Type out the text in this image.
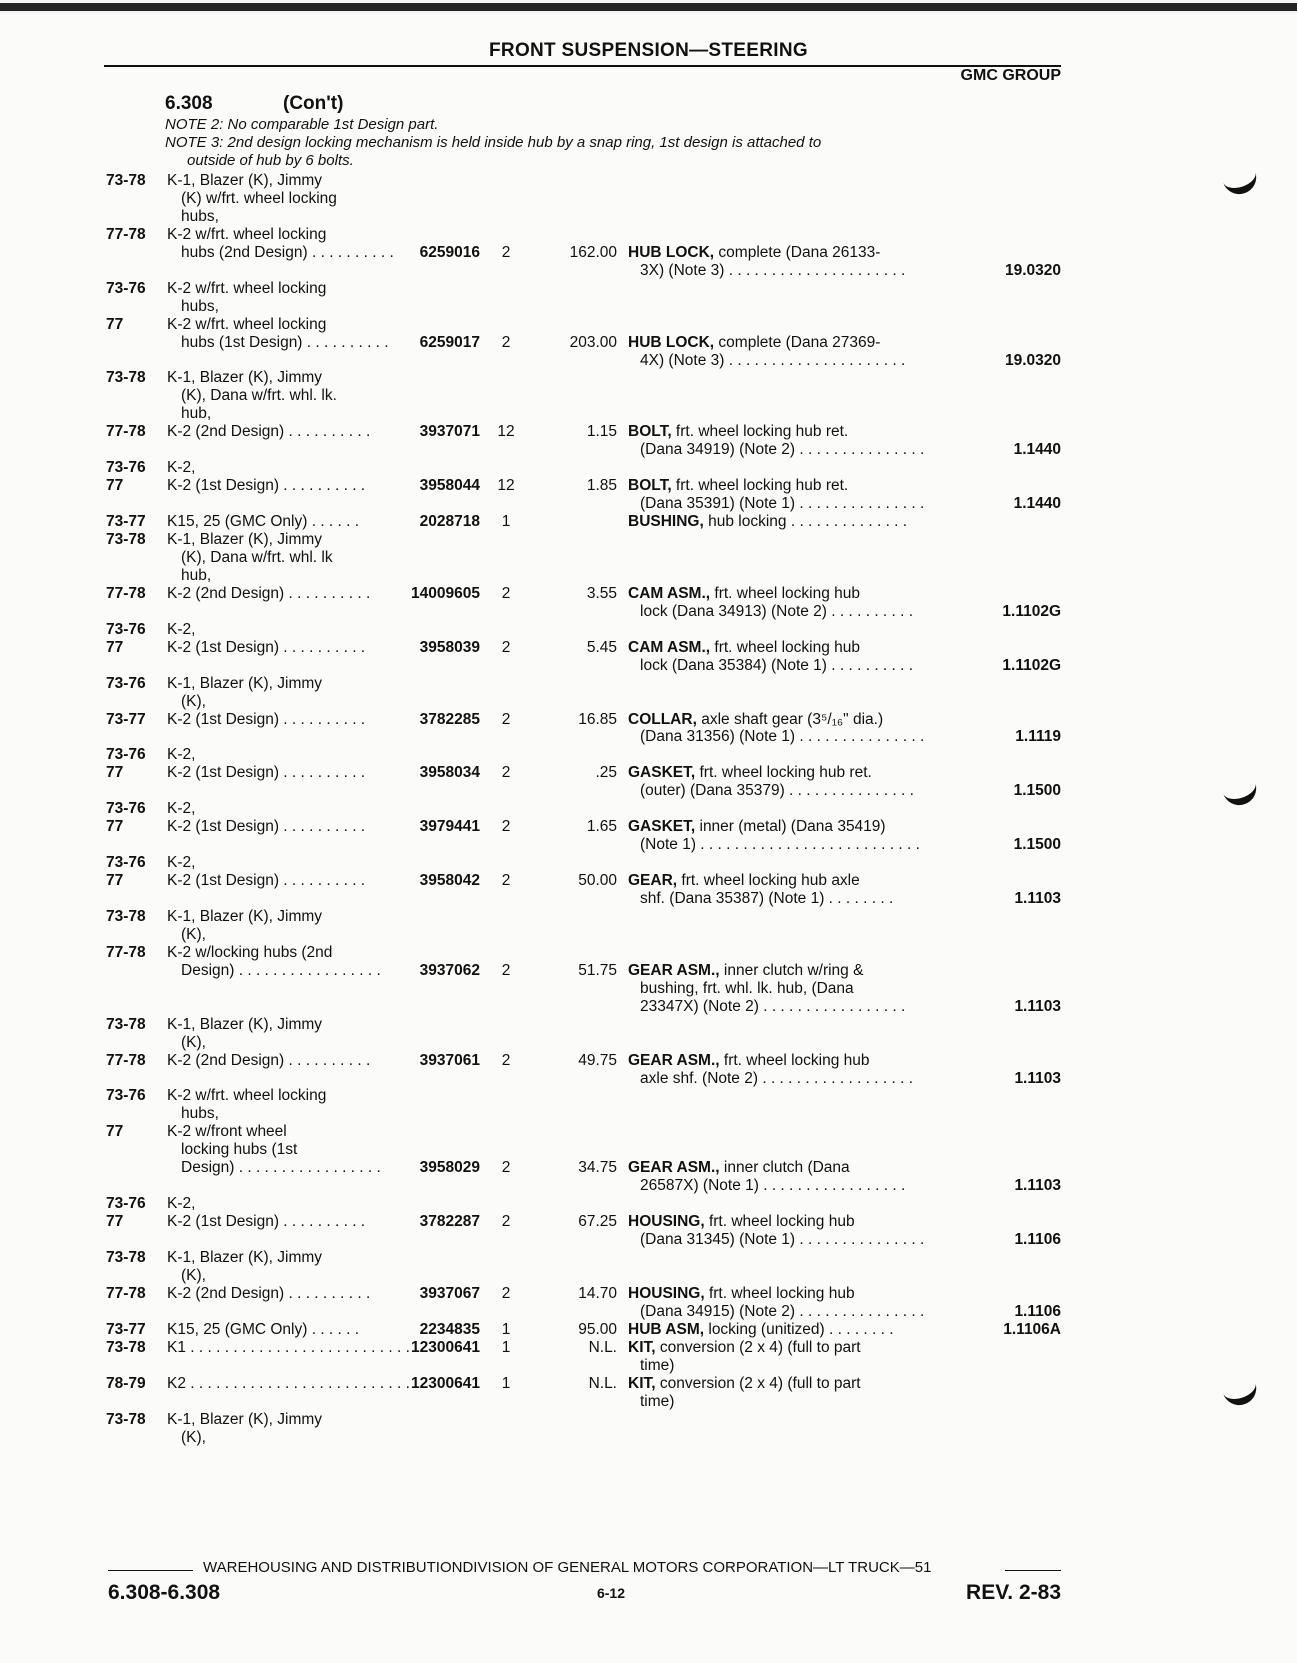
FRONT SUSPENSION—STEERING
GMC GROUP
6.308	(Con't)
NOTE 2: No comparable 1st Design part.
NOTE 3: 2nd design locking mechanism is held inside hub by a snap ring, 1st design is attached to
outside of hub by 6 bolts.
73-78 K-1, Blazer (K), Jimmy
(K) w/frt. wheel locking
hubs,
77-78 K-2 w/frt. wheel locking
hubs (2nd Design) . . . . . . . . . . 6259016	2	162.00 HUB LOCK, complete (Dana 26133-
3X) (Note 3) . . . . . . . . . . . . . . . . . . . . .	19.0320
73-76 K-2 w/frt. wheel locking
hubs,
77	K-2 w/frt. wheel locking
hubs (1st Design) . . . . . . . . . .	6259017	2	203.00 HUB LOCK, complete (Dana 27369-
4X) (Note 3) . . . . . . . . . . . . . . . . . . . . .	19.0320
73-78 K-1, Blazer (K), Jimmy
(K), Dana w/frt. whl. lk.
hub,
77-78 K-2 (2nd Design) . . . . . . . . . .	3937071 12	1.15 BOLT, frt. wheel locking hub ret.
(Dana 34919) (Note 2) . . . . . . . . . . . . . . .	1.1440
73-76 K-2,
77	K-2 (1st Design) . . . . . . . . . .	3958044 12	1.85 BOLT, frt. wheel locking hub ret.
(Dana 35391) (Note 1) . . . . . . . . . . . . . . .	1.1440
73-77 K15, 25 (GMC Only) . . . . . .	2028718	1	BUSHING, hub locking . . . . . . . . . . . . . .
73-78 K-1, Blazer (K), Jimmy
(K), Dana w/frt. whl. lk
hub,
77-78 K-2 (2nd Design) . . . . . . . . . .	14009605	2	3.55 CAM ASM., frt. wheel locking hub
lock (Dana 34913) (Note 2) . . . . . . . . . .	1.1102G
73-76 K-2,
77	K-2 (1st Design) . . . . . . . . . .	3958039	2	5.45 CAM ASM., frt. wheel locking hub
lock (Dana 35384) (Note 1) . . . . . . . . . .	1.1102G
73-76 K-1, Blazer (K), Jimmy
(K),
73-77 K-2 (1st Design) . . . . . . . . . .	3782285	2	16.85 COLLAR, axle shaft gear (3⁵/₁₆" dia.)
(Dana 31356) (Note 1) . . . . . . . . . . . . . . .	1.1119
73-76 K-2,
77	K-2 (1st Design) . . . . . . . . . .	3958034	2	.25 GASKET, frt. wheel locking hub ret.
(outer) (Dana 35379) . . . . . . . . . . . . . . .	1.1500
73-76 K-2,
77	K-2 (1st Design) . . . . . . . . . .	3979441	2	1.65 GASKET, inner (metal) (Dana 35419)
(Note 1) . . . . . . . . . . . . . . . . . . . . . . . . . .	1.1500
73-76 K-2,
77	K-2 (1st Design) . . . . . . . . . .	3958042	2	50.00 GEAR, frt. wheel locking hub axle
shf. (Dana 35387) (Note 1) . . . . . . . .	1.1103
73-78 K-1, Blazer (K), Jimmy
(K),
77-78 K-2 w/locking hubs (2nd
Design) . . . . . . . . . . . . . . . . .	3937062	2	51.75 GEAR ASM., inner clutch w/ring &
bushing, frt. whl. lk. hub, (Dana
23347X) (Note 2) . . . . . . . . . . . . . . . . .	1.1103
73-78 K-1, Blazer (K), Jimmy
(K),
77-78 K-2 (2nd Design) . . . . . . . . . .	3937061	2	49.75 GEAR ASM., frt. wheel locking hub
axle shf. (Note 2) . . . . . . . . . . . . . . . . . .	1.1103
73-76 K-2 w/frt. wheel locking
hubs,
77	K-2 w/front wheel
locking hubs (1st
Design) . . . . . . . . . . . . . . . . .	3958029	2	34.75 GEAR ASM., inner clutch (Dana
26587X) (Note 1) . . . . . . . . . . . . . . . . .	1.1103
73-76 K-2,
77	K-2 (1st Design) . . . . . . . . . .	3782287	2	67.25 HOUSING, frt. wheel locking hub
(Dana 31345) (Note 1) . . . . . . . . . . . . . . .	1.1106
73-78 K-1, Blazer (K), Jimmy
(K),
77-78 K-2 (2nd Design) . . . . . . . . . .	3937067	2	14.70 HOUSING, frt. wheel locking hub
(Dana 34915) (Note 2) . . . . . . . . . . . . . . .	1.1106
73-77 K15, 25 (GMC Only) . . . . . .	2234835	1	95.00 HUB ASM, locking (unitized) . . . . . . . .	1.1106A
73-78 K1 . . . . . . . . . . . . . . . . . . . . . . . . . . .
12300641	1	N.L. KIT, conversion (2 x 4) (full to part
time)
78-79 K2 . . . . . . . . . . . . . . . . . . . . . . . . . . .
12300641	1	N.L. KIT, conversion (2 x 4) (full to part
time)
73-78 K-1, Blazer (K), Jimmy
(K),
WAREHOUSING AND DISTRIBUTIONDIVISION OF GENERAL MOTORS CORPORATION—LT TRUCK—51
6.308-6.308	6-12	REV. 2-83
